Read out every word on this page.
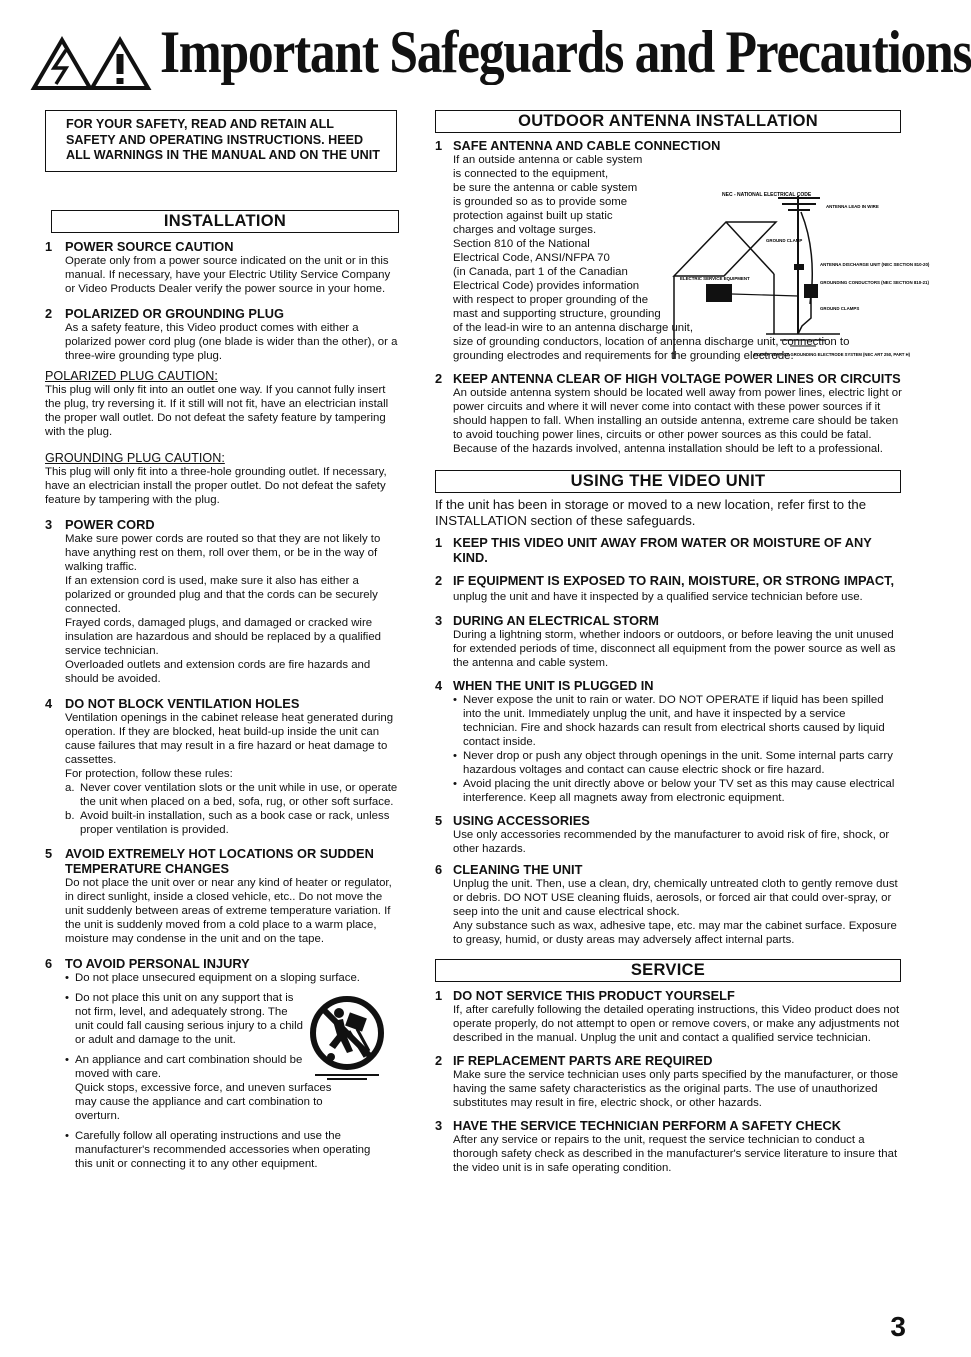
Important Safeguards and Precautions
FOR YOUR SAFETY, READ AND RETAIN ALL SAFETY AND OPERATING INSTRUCTIONS. HEED ALL WARNINGS IN THE MANUAL AND ON THE UNIT
INSTALLATION
1 POWER SOURCE CAUTION
Operate only from a power source indicated on the unit or in this manual. If necessary, have your Electric Utility Service Company or Video Products Dealer verify the power source in your home.
2 POLARIZED OR GROUNDING PLUG
As a safety feature, this Video product comes with either a polarized power cord plug (one blade is wider than the other), or a three-wire grounding type plug.
POLARIZED PLUG CAUTION:
This plug will only fit into an outlet one way. If you cannot fully insert the plug, try reversing it. If it still will not fit, have an electrician install the proper wall outlet. Do not defeat the safety feature by tampering with the plug.
GROUNDING PLUG CAUTION:
This plug will only fit into a three-hole grounding outlet. If necessary, have an electrician install the proper outlet. Do not defeat the safety feature by tampering with the plug.
3 POWER CORD
Make sure power cords are routed so that they are not likely to have anything rest on them, roll over them, or be in the way of walking traffic.
If an extension cord is used, make sure it also has either a polarized or grounded plug and that the cords can be securely connected.
Frayed cords, damaged plugs, and damaged or cracked wire insulation are hazardous and should be replaced by a qualified service technician.
Overloaded outlets and extension cords are fire hazards and should be avoided.
4 DO NOT BLOCK VENTILATION HOLES
Ventilation openings in the cabinet release heat generated during operation. If they are blocked, heat build-up inside the unit can cause failures that may result in a fire hazard or heat damage to cassettes.
For protection, follow these rules:
a. Never cover ventilation slots or the unit while in use, or operate the unit when placed on a bed, sofa, rug, or other soft surface.
b. Avoid built-in installation, such as a book case or rack, unless proper ventilation is provided.
5 AVOID EXTREMELY HOT LOCATIONS OR SUDDEN TEMPERATURE CHANGES
Do not place the unit over or near any kind of heater or regulator, in direct sunlight, inside a closed vehicle, etc.. Do not move the unit suddenly between areas of extreme temperature variation. If the unit is suddenly moved from a cold place to a warm place, moisture may condense in the unit and on the tape.
6 TO AVOID PERSONAL INJURY
• Do not place unsecured equipment on a sloping surface.
• Do not place this unit on any support that is not firm, level, and adequately strong. The unit could fall causing serious injury to a child or adult and damage to the unit.
• An appliance and cart combination should be moved with care.
Quick stops, excessive force, and uneven surfaces may cause the appliance and cart combination to overturn.
• Carefully follow all operating instructions and use the manufacturer's recommended accessories when operating this unit or connecting it to any other equipment.
OUTDOOR ANTENNA INSTALLATION
1 SAFE ANTENNA AND CABLE CONNECTION
If an outside antenna or cable system
is connected to the equipment,
be sure the antenna or cable system
is grounded so as to provide some
protection against built up static
charges and voltage surges.
Section 810 of the National
Electrical Code, ANSI/NFPA 70
(in Canada, part 1 of the Canadian
Electrical Code) provides information
with respect to proper grounding of the
mast and supporting structure, grounding
of the lead-in wire to an antenna discharge unit,
size of grounding conductors, location of antenna discharge unit, connection to grounding electrodes and requirements for the grounding electrode.
NEC - NATIONAL ELECTRICAL CODE
ANTENNA LEAD IN WIRE
GROUND CLAMP
ANTENNA DISCHARGE UNIT (NEC SECTION 810-20)
GROUNDING CONDUCTORS (NEC SECTION 810-21)
ELECTRIC SERVICE EQUIPMENT
GROUND CLAMPS
POWER SERVICE GROUNDING ELECTRODE SYSTEM (NEC ART 250, PART H)
2 KEEP ANTENNA CLEAR OF HIGH VOLTAGE POWER LINES OR CIRCUITS
An outside antenna system should be located well away from power lines, electric light or power circuits and where it will never come into contact with these power sources if it should happen to fall. When installing an outside antenna, extreme care should be taken to avoid touching power lines, circuits or other power sources as this could be fatal. Because of the hazards involved, antenna installation should be left to a professional.
USING THE VIDEO UNIT
If the unit has been in storage or moved to a new location, refer first to the INSTALLATION section of these safeguards.
1 KEEP THIS VIDEO UNIT AWAY FROM WATER OR MOISTURE OF ANY KIND.
2 IF EQUIPMENT IS EXPOSED TO RAIN, MOISTURE, OR STRONG IMPACT, unplug the unit and have it inspected by a qualified service technician before use.
3 DURING AN ELECTRICAL STORM
During a lightning storm, whether indoors or outdoors, or before leaving the unit unused for extended periods of time, disconnect all equipment from the power source as well as the antenna and cable system.
4 WHEN THE UNIT IS PLUGGED IN
• Never expose the unit to rain or water. DO NOT OPERATE if liquid has been spilled into the unit. Immediately unplug the unit, and have it inspected by a service technician. Fire and shock hazards can result from electrical shorts caused by liquid contact inside.
• Never drop or push any object through openings in the unit. Some internal parts carry hazardous voltages and contact can cause electric shock or fire hazard.
• Avoid placing the unit directly above or below your TV set as this may cause electrical interference. Keep all magnets away from electronic equipment.
5 USING ACCESSORIES
Use only accessories recommended by the manufacturer to avoid risk of fire, shock, or other hazards.
6 CLEANING THE UNIT
Unplug the unit. Then, use a clean, dry, chemically untreated cloth to gently remove dust or debris. DO NOT USE cleaning fluids, aerosols, or forced air that could over-spray, or seep into the unit and cause electrical shock.
Any substance such as wax, adhesive tape, etc. may mar the cabinet surface. Exposure to greasy, humid, or dusty areas may adversely affect internal parts.
SERVICE
1 DO NOT SERVICE THIS PRODUCT YOURSELF
If, after carefully following the detailed operating instructions, this Video product does not operate properly, do not attempt to open or remove covers, or make any adjustments not described in the manual. Unplug the unit and contact a qualified service technician.
2 IF REPLACEMENT PARTS ARE REQUIRED
Make sure the service technician uses only parts specified by the manufacturer, or those having the same safety characteristics as the original parts. The use of unauthorized substitutes may result in fire, electric shock, or other hazards.
3 HAVE THE SERVICE TECHNICIAN PERFORM A SAFETY CHECK
After any service or repairs to the unit, request the service technician to conduct a thorough safety check as described in the manufacturer's service literature to insure that the video unit is in safe operating condition.
3
